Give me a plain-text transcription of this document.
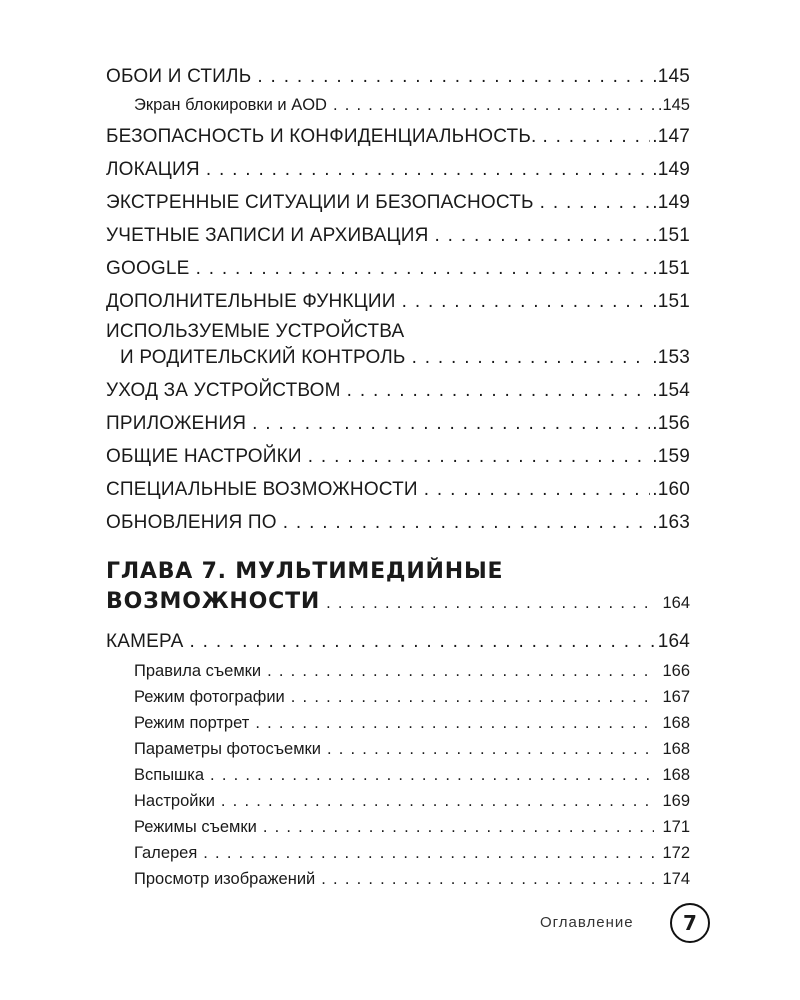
ОБОИ И СТИЛЬ . . .	.145
Экран блокировки и AOD . . .	.145
БЕЗОПАСНОСТЬ И КОНФИДЕНЦИАЛЬНОСТЬ. . . .	.147
ЛОКАЦИЯ . . .	.149
ЭКСТРЕННЫЕ СИТУАЦИИ И БЕЗОПАСНОСТЬ . . .	.149
УЧЕТНЫЕ ЗАПИСИ И АРХИВАЦИЯ . . .	.151
GOOGLE . . .	.151
ДОПОЛНИТЕЛЬНЫЕ ФУНКЦИИ . . .	.151
ИСПОЛЬЗУЕМЫЕ УСТРОЙСТВА
И РОДИТЕЛЬСКИЙ КОНТРОЛЬ . . .	.153
УХОД ЗА УСТРОЙСТВОМ . . .	.154
ПРИЛОЖЕНИЯ . . .	.156
ОБЩИЕ НАСТРОЙКИ . . .	.159
СПЕЦИАЛЬНЫЕ ВОЗМОЖНОСТИ . . .	.160
ОБНОВЛЕНИЯ ПО . . .	.163
ГЛАВА 7. МУЛЬТИМЕДИЙНЫЕ
ВОЗМОЖНОСТИ . . .	164
КАМЕРА . . .	164
Правила съемки . . .	166
Режим фотографии . . .	167
Режим портрет . . .	168
Параметры фотосъемки . . .	168
Вспышка . . .	168
Настройки . . .	169
Режимы съемки . . .	171
Галерея . . .	172
Просмотр изображений . . .	174
Оглавление	7
